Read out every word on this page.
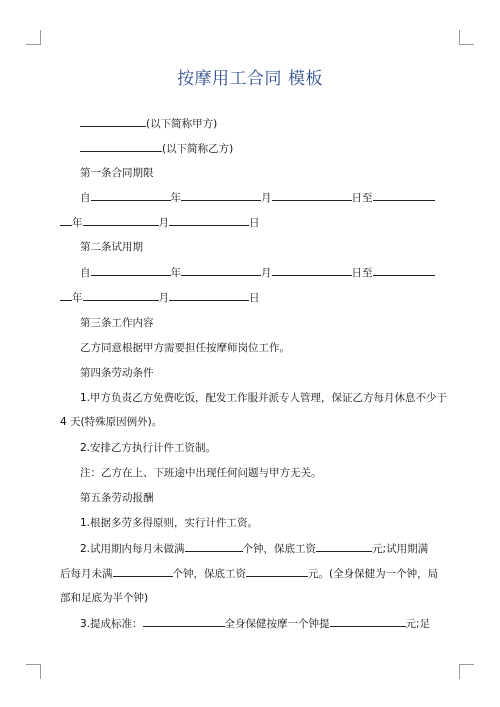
按摩用工合同 模板
(以下简称甲方)
(以下简称乙方)
第一条合同期限
自	年	月	日至
年	月	日
第二条试用期
自	年	月	日至
年	月	日
第三条工作内容
乙方同意根据甲方需要担任按摩师岗位工作。
第四条劳动条件
1.甲方负责乙方免费吃饭，配发工作服并派专人管理，保证乙方每月休息不少于
4 天(特殊原因例外)。
2.安排乙方执行计件工资制。
注：乙方在上、下班途中出现任何问题与甲方无关。
第五条劳动报酬
1.根据多劳多得原则，实行计件工资。
2.试用期内每月未做满	个钟，保底工资	元;试用期满
后每月未满	个钟，保底工资	元。(全身保健为一个钟，局
部和足底为半个钟)
3.提成标准：	全身保健按摩一个钟提	元;足
